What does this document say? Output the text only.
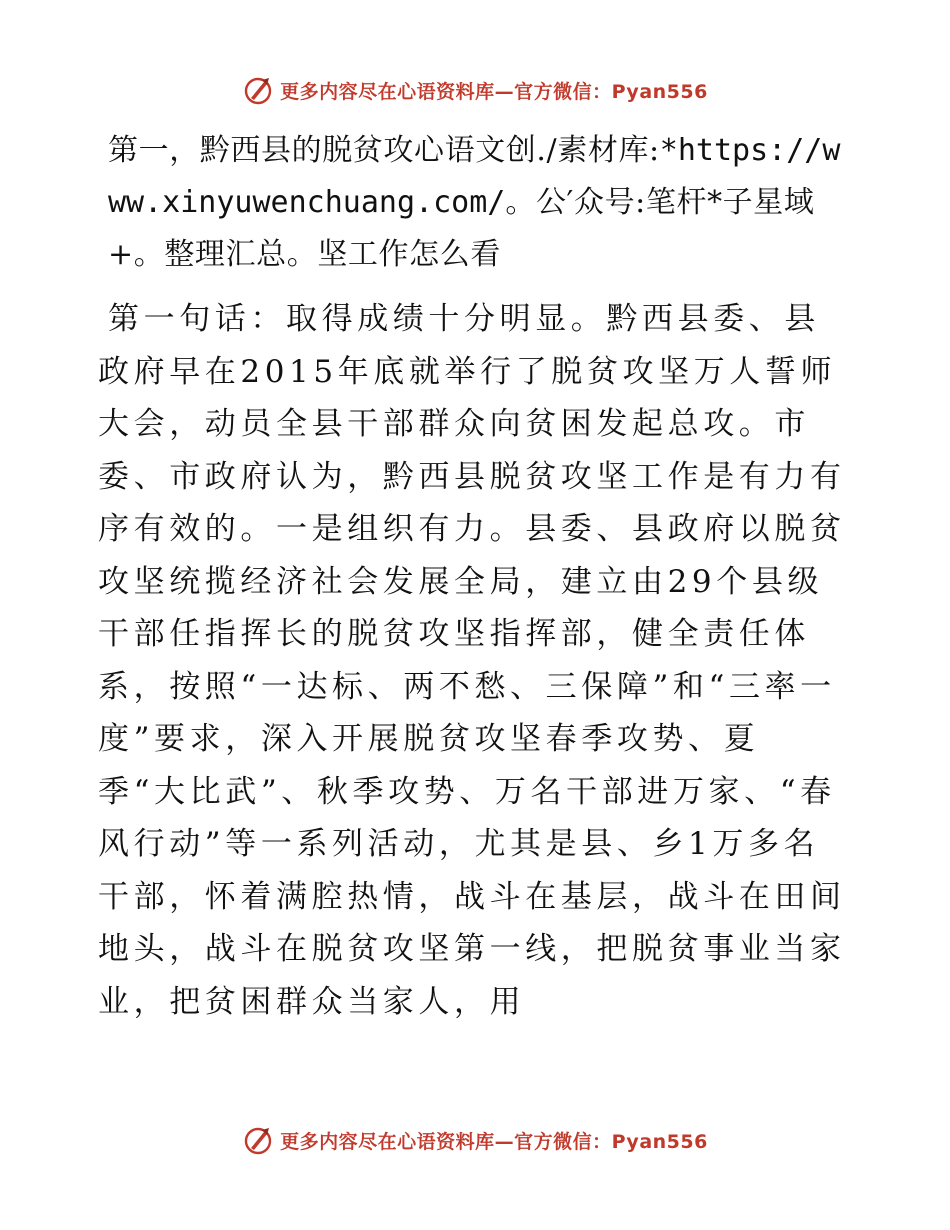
更多内容尽在心语资料库—官方微信：Pyan556
第一，黔西县的脱贫攻心语文创./素材库:*https://www.xinyuwenchuang.com/。公′众号:笔杆*子星域+。整理汇总。坚工作怎么看

第一句话：取得成绩十分明显。黔西县委、县政府早在2015年底就举行了脱贫攻坚万人誓师大会，动员全县干部群众向贫困发起总攻。市委、市政府认为，黔西县脱贫攻坚工作是有力有序有效的。一是组织有力。县委、县政府以脱贫攻坚统揽经济社会发展全局，建立由29个县级干部任指挥长的脱贫攻坚指挥部，健全责任体系，按照“一达标、两不愁、三保障”和“三率一度”要求，深入开展脱贫攻坚春季攻势、夏季“大比武”、秋季攻势、万名干部进万家、“春风行动”等一系列活动，尤其是县、乡1万多名干部，怀着满腔热情，战斗在基层，战斗在田间地头，战斗在脱贫攻坚第一线，把脱贫事业当家业，把贫困群众当家人，用

更多内容尽在心语资料库—官方微信：Pyan556
